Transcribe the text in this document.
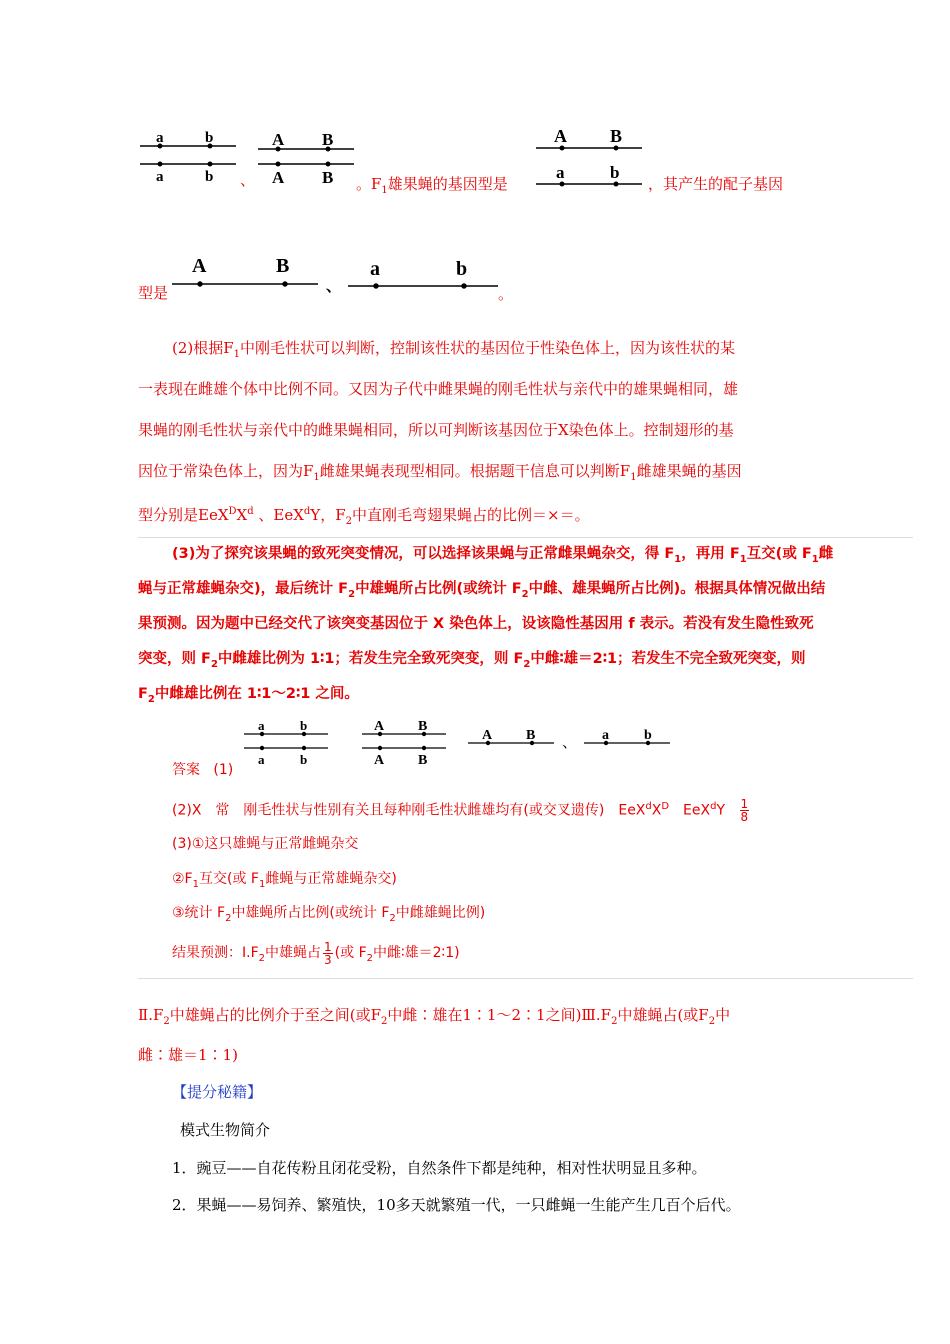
a	b
a	b 、
A B
A B 。$F_1$雄果蝇的基因型是
A B
a	b
，其产生的配子基因
型是
A	B
、
a	b
。
(2)根据$F_1$中刚毛性状可以判断，控制该性状的基因位于性染色体上，因为该性状的某
一表现在雌雄个体中比例不同。又因为子代中雌果蝇的刚毛性状与亲代中的雄果蝇相同，雄
果蝇的刚毛性状与亲代中的雌果蝇相同，所以可判断该基因位于X染色体上。控制翅形的基
因位于常染色体上，因为$F_1$雌雄果蝇表现型相同。根据题干信息可以判断$F_1$雌雄果蝇的基因
型分别是$EeX^DX^d$ 、EeX$^d$Y，$F_2$中直刚毛弯翅果蝇占的比例＝×＝。
(3)为了探究该果蝇的致死突变情况，可以选择该果蝇与正常雌果蝇杂交，得 $F_1$，再用 $F_1$互交(或 $F_1$雌
蝇与正常雄蝇杂交)，最后统计 $F_2$中雄蝇所占比例(或统计 $F_2$中雌、雄果蝇所占比例)。根据具体情况做出结
果预测。因为题中已经交代了该突变基因位于 X 染色体上，设该隐性基因用 f 表示。若没有发生隐性致死
突变，则 $F_2$中雌雄比例为 1∶1；若发生完全致死突变，则 $F_2$中雌∶雄＝2∶1；若发生不完全致死突变，则
$F_2$中雌雄比例在 1∶1～2∶1 之间。
a	b
a	b
A B
A B
A B 、 a	b
答案 (1)
(2)X　常　刚毛性状与性别有关且每种刚毛性状雌雄均有(或交叉遗传)　$EeX^dX^D$　$EeX^dY \frac{1}{8}$
(3)①这只雄蝇与正常雌蝇杂交
$②F_1$互交(或 $F_1$雌蝇与正常雄蝇杂交)
③统计 $F_2$中雄蝇所占比例(或统计 $F_2$中雌雄蝇比例)
结果预测：$Ⅰ.F_2$中雄蝇占 $\frac{1}{3}$ (或 $F_2$中雌∶雄＝2∶1)
$Ⅱ.F_2$中雄蝇占的比例介于至之间(或$F_2$中雌∶雄在1∶1～2∶1之间)$Ⅲ.F_2$中雄蝇占(或$F_2$中
雌∶雄＝1∶1)
【提分秘籍】
模式生物简介
1．豌豆——自花传粉且闭花受粉，自然条件下都是纯种，相对性状明显且多种。
2．果蝇——易饲养、繁殖快，10多天就繁殖一代，一只雌蝇一生能产生几百个后代。
